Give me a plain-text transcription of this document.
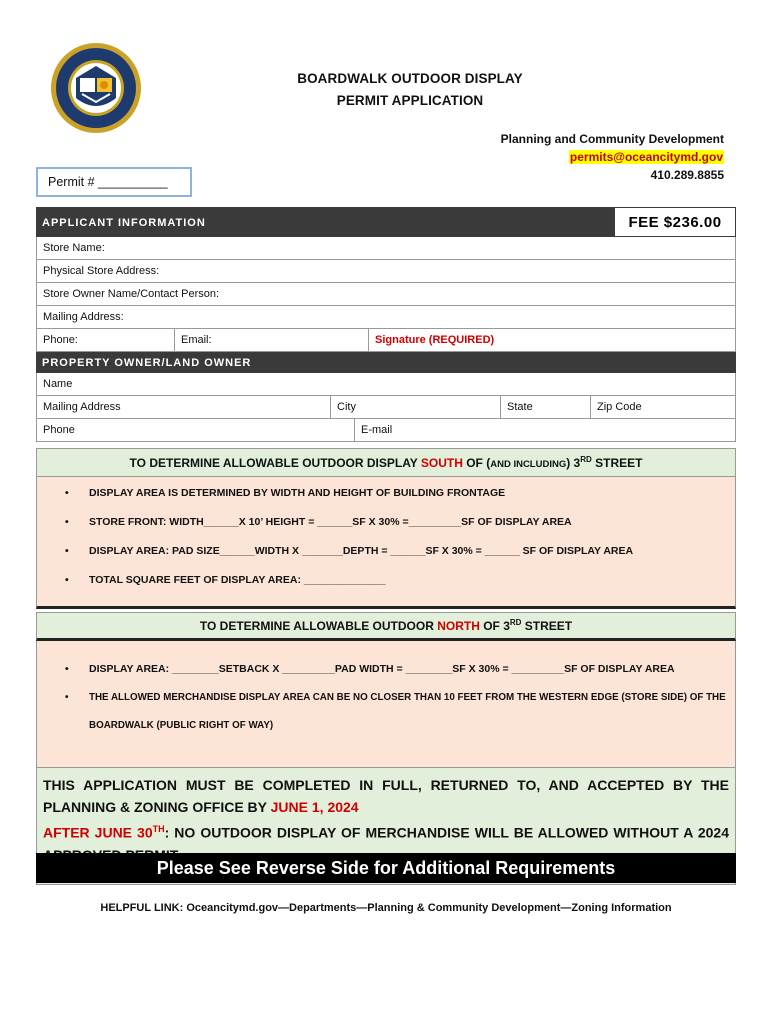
BOARDWALK OUTDOOR DISPLAY
PERMIT APPLICATION
Planning and Community Development
permits@oceancitymd.gov
410.289.8855
Permit # __________
APPLICANT INFORMATION	FEE $236.00
Store Name:
Physical Store Address:
Store Owner Name/Contact Person:
Mailing Address:
Phone:	Email:	Signature (REQUIRED)
PROPERTY OWNER/LAND OWNER
Name
Mailing Address	City	State	Zip Code
Phone	E-mail
TO DETERMINE ALLOWABLE OUTDOOR DISPLAY SOUTH OF (AND INCLUDING) 3RD STREET
• DISPLAY AREA IS DETERMINED BY WIDTH AND HEIGHT OF BUILDING FRONTAGE
• STORE FRONT: WIDTH______X 10’ HEIGHT = ______SF X 30% =_________SF OF DISPLAY AREA
• DISPLAY AREA: PAD SIZE______WIDTH X _______DEPTH = ______SF X 30% = ______ SF OF DISPLAY AREA
• TOTAL SQUARE FEET OF DISPLAY AREA: ______________
TO DETERMINE ALLOWABLE OUTDOOR NORTH OF 3RD STREET
• DISPLAY AREA: ________SETBACK X _________PAD WIDTH = ________SF X 30% = _________SF OF DISPLAY AREA
• THE ALLOWED MERCHANDISE DISPLAY AREA CAN BE NO CLOSER THAN 10 FEET FROM THE WESTERN EDGE (STORE SIDE) OF THE
BOARDWALK (PUBLIC RIGHT OF WAY)
THIS APPLICATION MUST BE COMPLETED IN FULL, RETURNED TO, AND ACCEPTED BY THE PLANNING & ZONING OFFICE BY JUNE 1, 2024
AFTER JUNE 30TH: NO OUTDOOR DISPLAY OF MERCHANDISE WILL BE ALLOWED WITHOUT A 2024
Please See Reverse Side for Additional Requirements
HELPFUL LINK: Oceancitymd.gov—Departments—Planning & Community Development—Zoning Information
